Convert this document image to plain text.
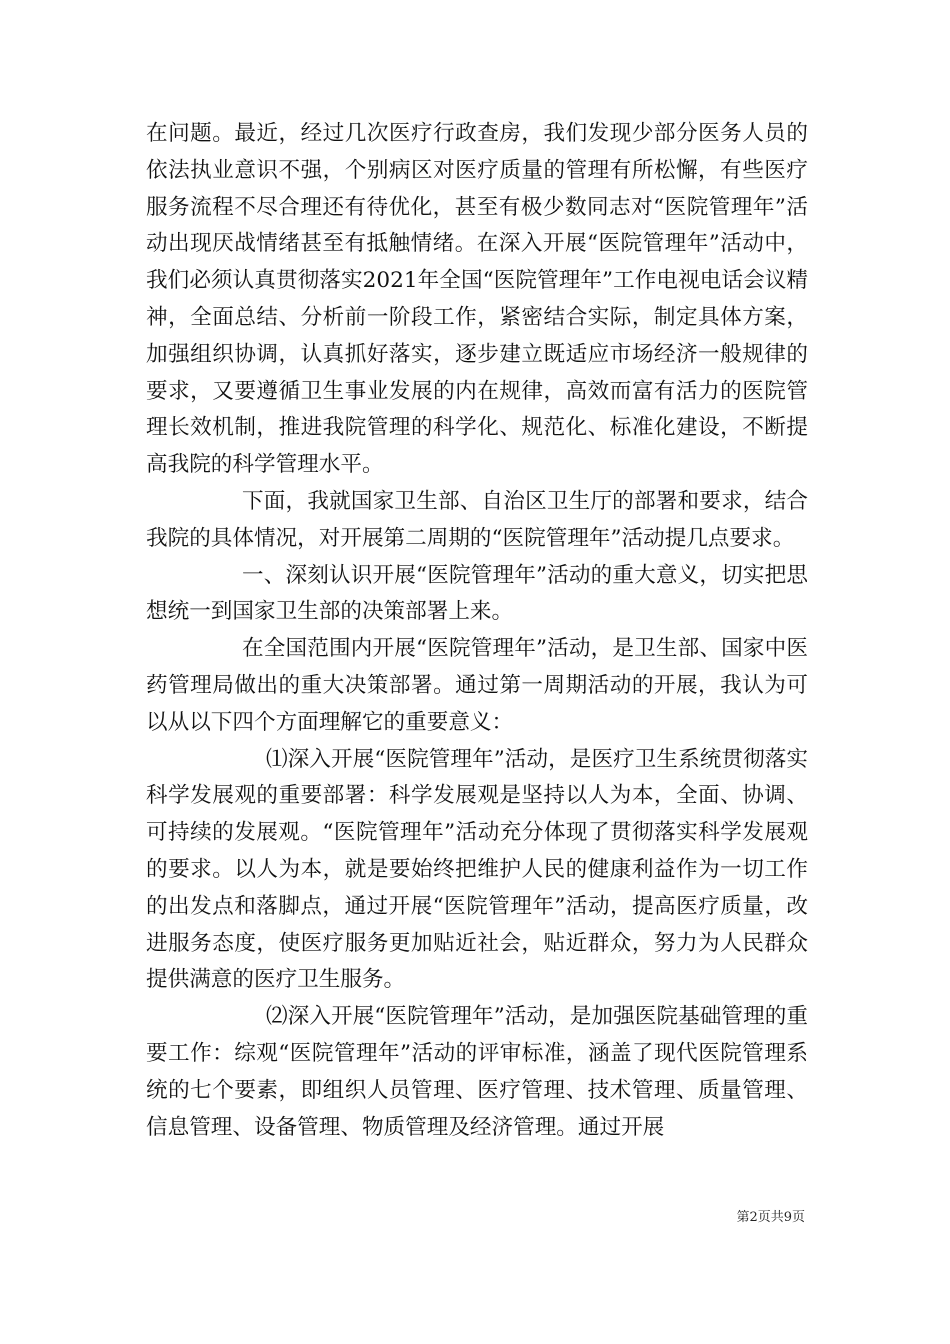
在问题。最近，经过几次医疗行政查房，我们发现少部分医务人员的依法执业意识不强，个别病区对医疗质量的管理有所松懈，有些医疗服务流程不尽合理还有待优化，甚至有极少数同志对“医院管理年”活动出现厌战情绪甚至有抵触情绪。在深入开展“医院管理年”活动中，我们必须认真贯彻落实2021年全国“医院管理年”工作电视电话会议精神，全面总结、分析前一阶段工作，紧密结合实际，制定具体方案，加强组织协调，认真抓好落实，逐步建立既适应市场经济一般规律的要求，又要遵循卫生事业发展的内在规律，高效而富有活力的医院管理长效机制，推进我院管理的科学化、规范化、标准化建设，不断提高我院的科学管理水平。

下面，我就国家卫生部、自治区卫生厅的部署和要求，结合我院的具体情况，对开展第二周期的“医院管理年”活动提几点要求。

一、深刻认识开展“医院管理年”活动的重大意义，切实把思想统一到国家卫生部的决策部署上来。

在全国范围内开展“医院管理年”活动，是卫生部、国家中医药管理局做出的重大决策部署。通过第一周期活动的开展，我认为可以从以下四个方面理解它的重要意义：

⑴深入开展“医院管理年”活动，是医疗卫生系统贯彻落实科学发展观的重要部署：科学发展观是坚持以人为本，全面、协调、可持续的发展观。“医院管理年”活动充分体现了贯彻落实科学发展观的要求。以人为本，就是要始终把维护人民的健康利益作为一切工作的出发点和落脚点，通过开展“医院管理年”活动，提高医疗质量，改进服务态度，使医疗服务更加贴近社会，贴近群众，努力为人民群众提供满意的医疗卫生服务。

⑵深入开展“医院管理年”活动，是加强医院基础管理的重要工作：综观“医院管理年”活动的评审标准，涵盖了现代医院管理系统的七个要素，即组织人员管理、医疗管理、技术管理、质量管理、信息管理、设备管理、物质管理及经济管理。通过开展

第2页共9页
